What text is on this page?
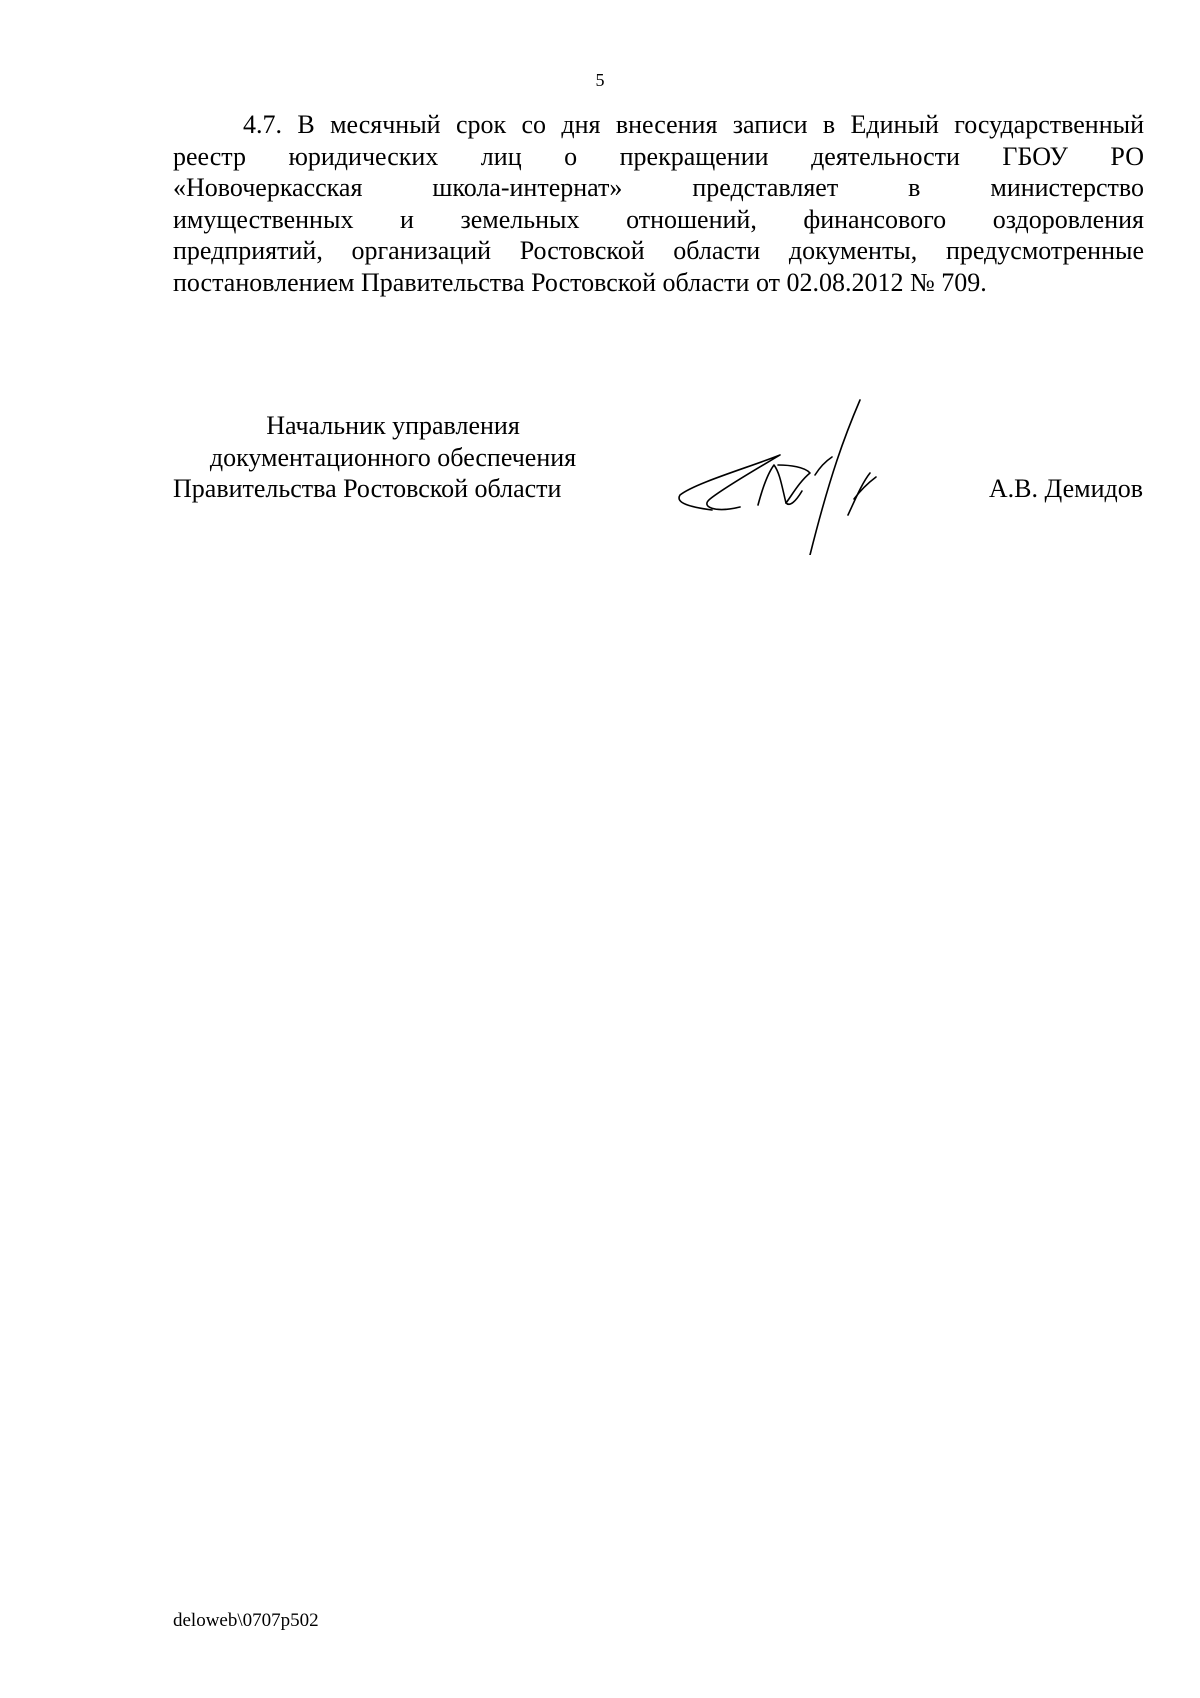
5
4.7. В месячный срок со дня внесения записи в Единый государственный
реестр юридических лиц о прекращении деятельности ГБОУ РО
«Новочеркасская школа-интернат» представляет в министерство
имущественных и земельных отношений, финансового оздоровления
предприятий, организаций Ростовской области документы, предусмотренные
постановлением Правительства Ростовской области от 02.08.2012 № 709.
Начальник управления
документационного обеспечения
Правительства Ростовской области	А.В. Демидов
deloweb\0707p502
